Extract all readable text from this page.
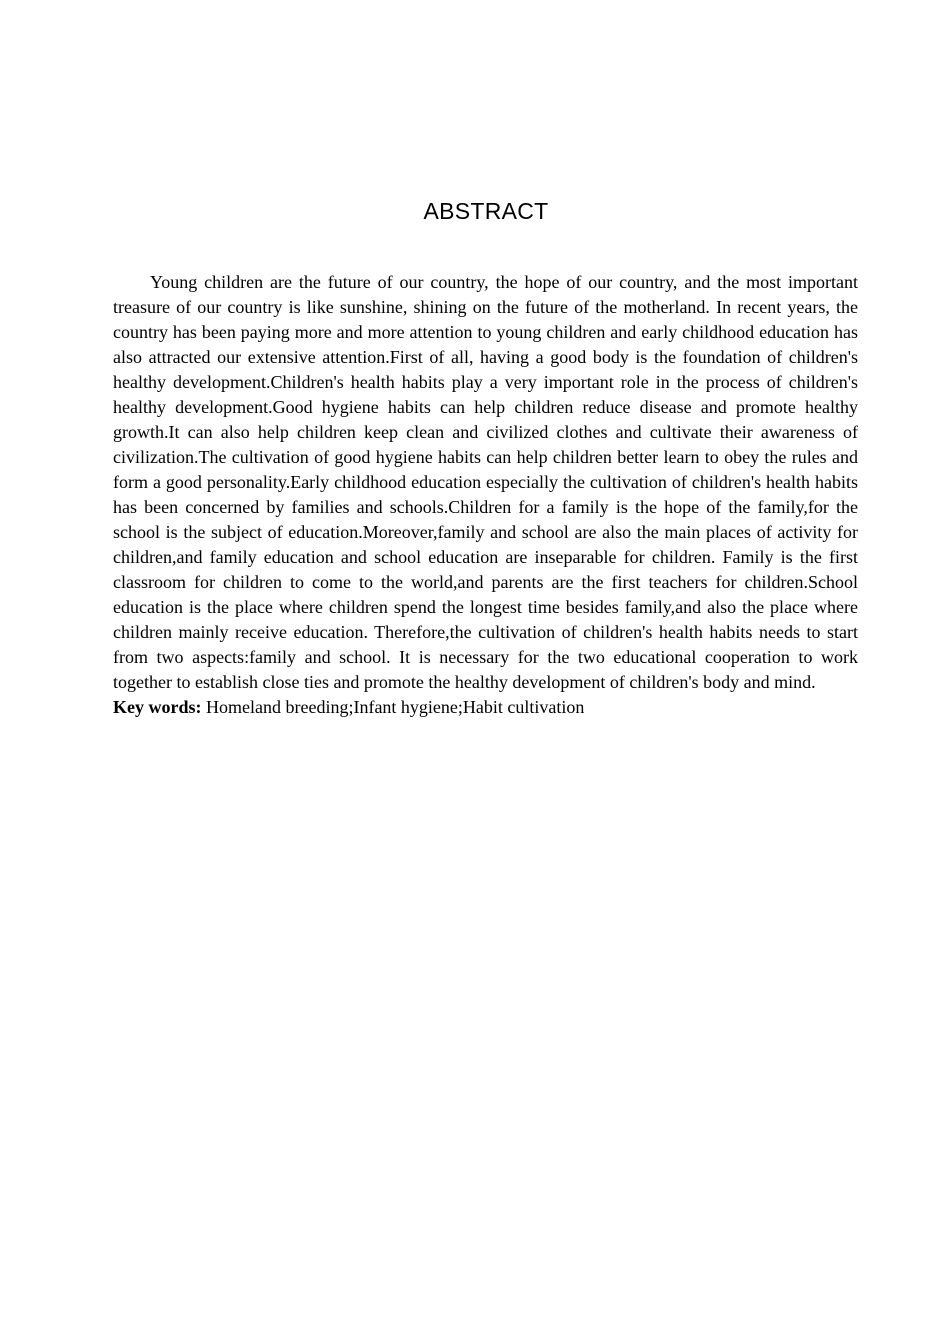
ABSTRACT

Young children are the future of our country, the hope of our country, and the most important treasure of our country is like sunshine, shining on the future of the motherland. In recent years, the country has been paying more and more attention to young children and early childhood education has also attracted our extensive attention.First of all, having a good body is the foundation of children's healthy development.Children's health habits play a very important role in the process of children's healthy development.Good hygiene habits can help children reduce disease and promote healthy growth.It can also help children keep clean and civilized clothes and cultivate their awareness of civilization.The cultivation of good hygiene habits can help children better learn to obey the rules and form a good personality.Early childhood education especially the cultivation of children's health habits has been concerned by families and schools.Children for a family is the hope of the family,for the school is the subject of education.Moreover,family and school are also the main places of activity for children,and family education and school education are inseparable for children. Family is the first classroom for children to come to the world,and parents are the first teachers for children.School education is the place where children spend the longest time besides family,and also the place where children mainly receive education. Therefore,the cultivation of children's health habits needs to start from two aspects:family and school. It is necessary for the two educational cooperation to work together to establish close ties and promote the healthy development of children's body and mind.

Key words: Homeland breeding;Infant hygiene;Habit cultivation
